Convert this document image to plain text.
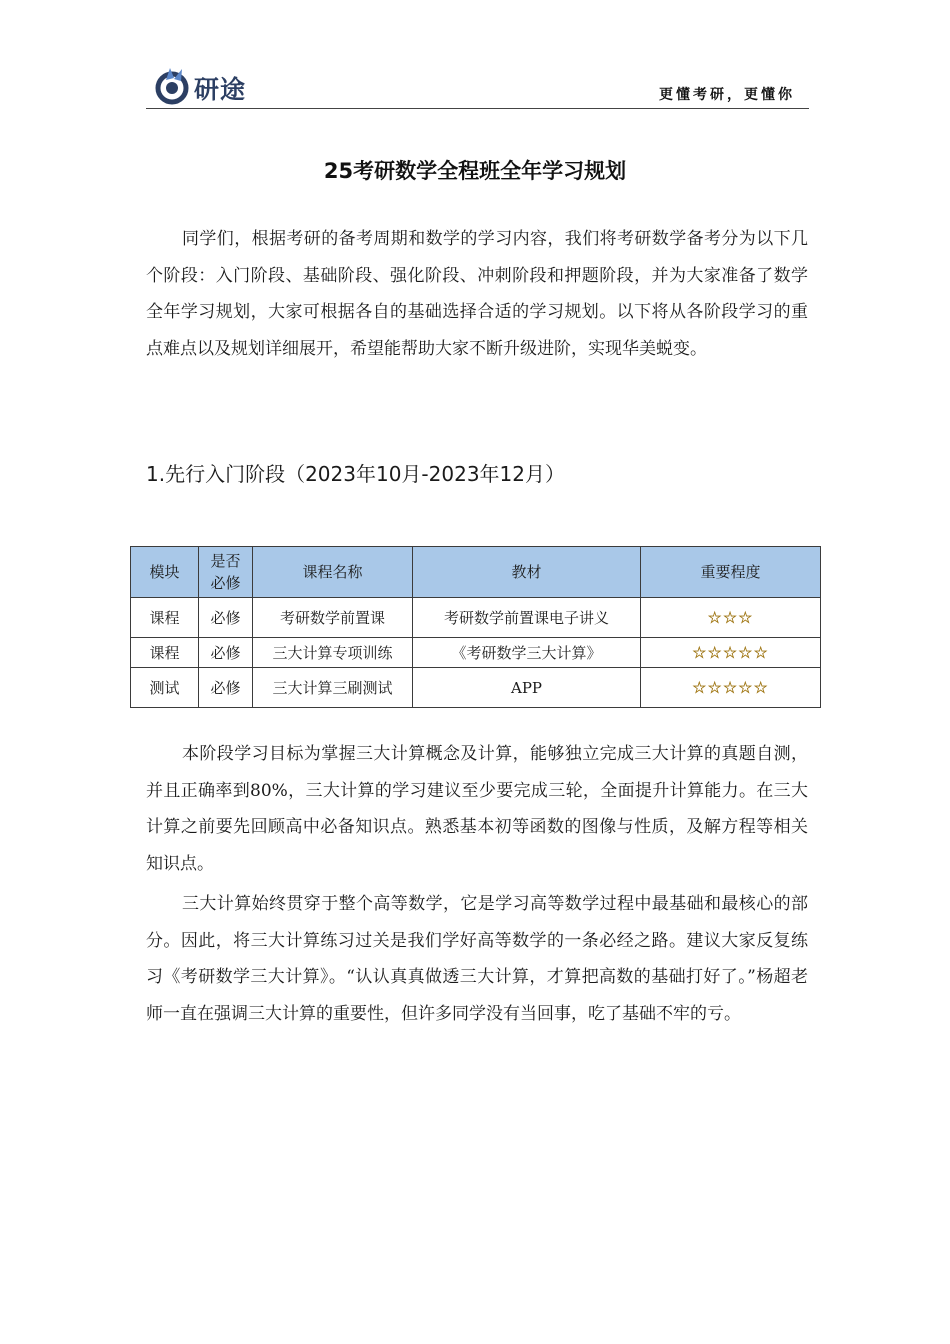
研途	更懂考研，更懂你
25考研数学全程班全年学习规划

同学们，根据考研的备考周期和数学的学习内容，我们将考研数学备考分为以下几个阶段：入门阶段、基础阶段、强化阶段、冲刺阶段和押题阶段，并为大家准备了数学全年学习规划，大家可根据各自的基础选择合适的学习规划。以下将从各阶段学习的重点难点以及规划详细展开，希望能帮助大家不断升级进阶，实现华美蜕变。

1.先行入门阶段（2023年10月-2023年12月）
模块	是否必修	课程名称	教材	重要程度
课程	必修	考研数学前置课	考研数学前置课电子讲义	☆☆☆
课程	必修	三大计算专项训练	《考研数学三大计算》	☆☆☆☆☆
测试	必修	三大计算三刷测试	APP	☆☆☆☆☆

本阶段学习目标为掌握三大计算概念及计算，能够独立完成三大计算的真题自测，并且正确率到80%，三大计算的学习建议至少要完成三轮，全面提升计算能力。在三大计算之前要先回顾高中必备知识点。熟悉基本初等函数的图像与性质，及解方程等相关知识点。

三大计算始终贯穿于整个高等数学，它是学习高等数学过程中最基础和最核心的部分。因此，将三大计算练习过关是我们学好高等数学的一条必经之路。建议大家反复练习《考研数学三大计算》。“认认真真做透三大计算，才算把高数的基础打好了。”杨超老师一直在强调三大计算的重要性，但许多同学没有当回事，吃了基础不牢的亏。
